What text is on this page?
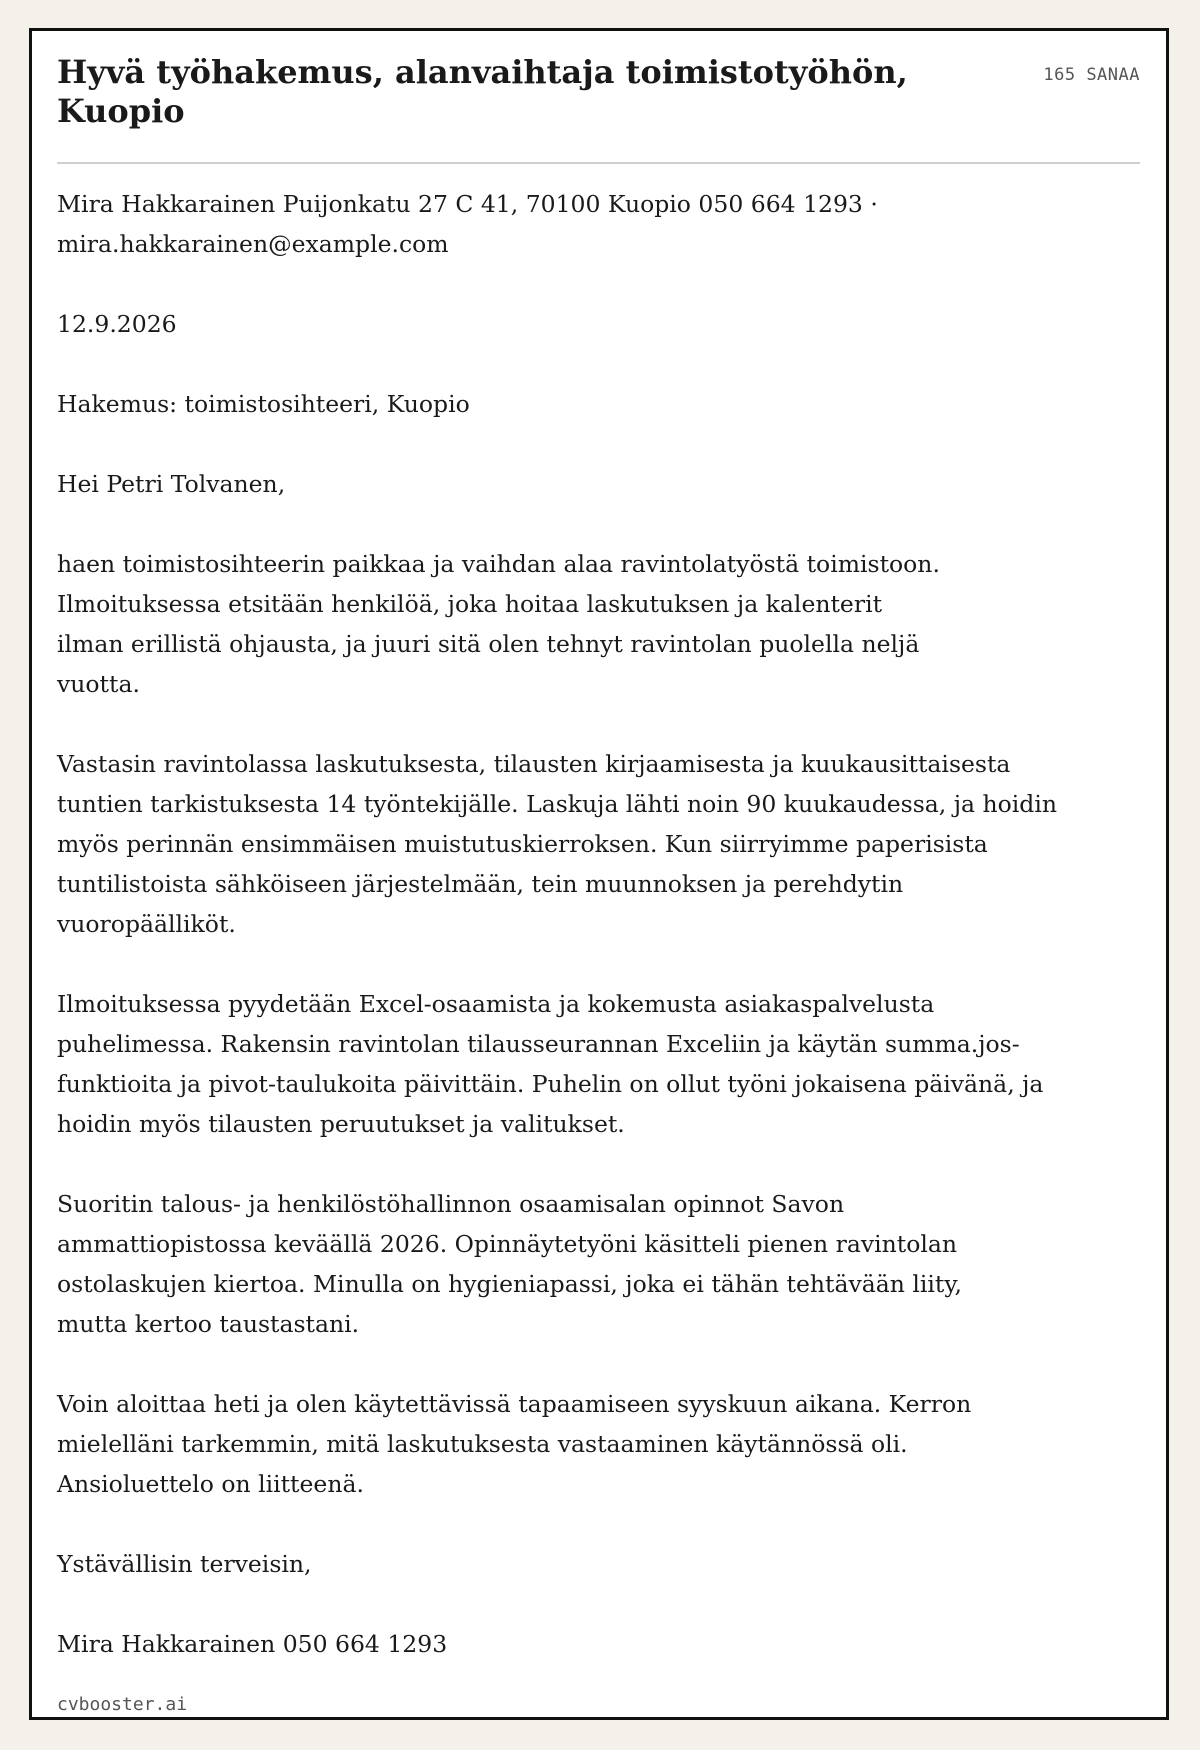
Hyvä työhakemus, alanvaihtaja toimistotyöhön, Kuopio
165 SANAA

Mira Hakkarainen Puijonkatu 27 C 41, 70100 Kuopio 050 664 1293 ·
mira.hakkarainen@example.com

12.9.2026

Hakemus: toimistosihteeri, Kuopio

Hei Petri Tolvanen,

haen toimistosihteerin paikkaa ja vaihdan alaa ravintolatyöstä toimistoon. Ilmoituksessa etsitään henkilöä, joka hoitaa laskutuksen ja kalenterit ilman erillistä ohjausta, ja juuri sitä olen tehnyt ravintolan puolella neljä vuotta.

Vastasin ravintolassa laskutuksesta, tilausten kirjaamisesta ja kuukausittaisesta tuntien tarkistuksesta 14 työntekijälle. Laskuja lähti noin 90 kuukaudessa, ja hoidin myös perinnän ensimmäisen muistutuskierroksen. Kun siirryimme paperisista tuntilistoista sähköiseen järjestelmään, tein muunnoksen ja perehdytin vuoropäälliköt.

Ilmoituksessa pyydetään Excel-osaamista ja kokemusta asiakaspalvelusta puhelimessa. Rakensin ravintolan tilausseurannan Exceliin ja käytän summa.jos-funktioita ja pivot-taulukoita päivittäin. Puhelin on ollut työni jokaisena päivänä, ja hoidin myös tilausten peruutukset ja valitukset.

Suoritin talous- ja henkilöstöhallinnon osaamisalan opinnot Savon ammattiopistossa keväällä 2026. Opinnäytetyöni käsitteli pienen ravintolan ostolaskujen kiertoa. Minulla on hygieniapassi, joka ei tähän tehtävään liity, mutta kertoo taustastani.

Voin aloittaa heti ja olen käytettävissä tapaamiseen syyskuun aikana. Kerron mielelläni tarkemmin, mitä laskutuksesta vastaaminen käytännössä oli. Ansioluettelo on liitteenä.

Ystävällisin terveisin,

Mira Hakkarainen 050 664 1293

cvbooster.ai
